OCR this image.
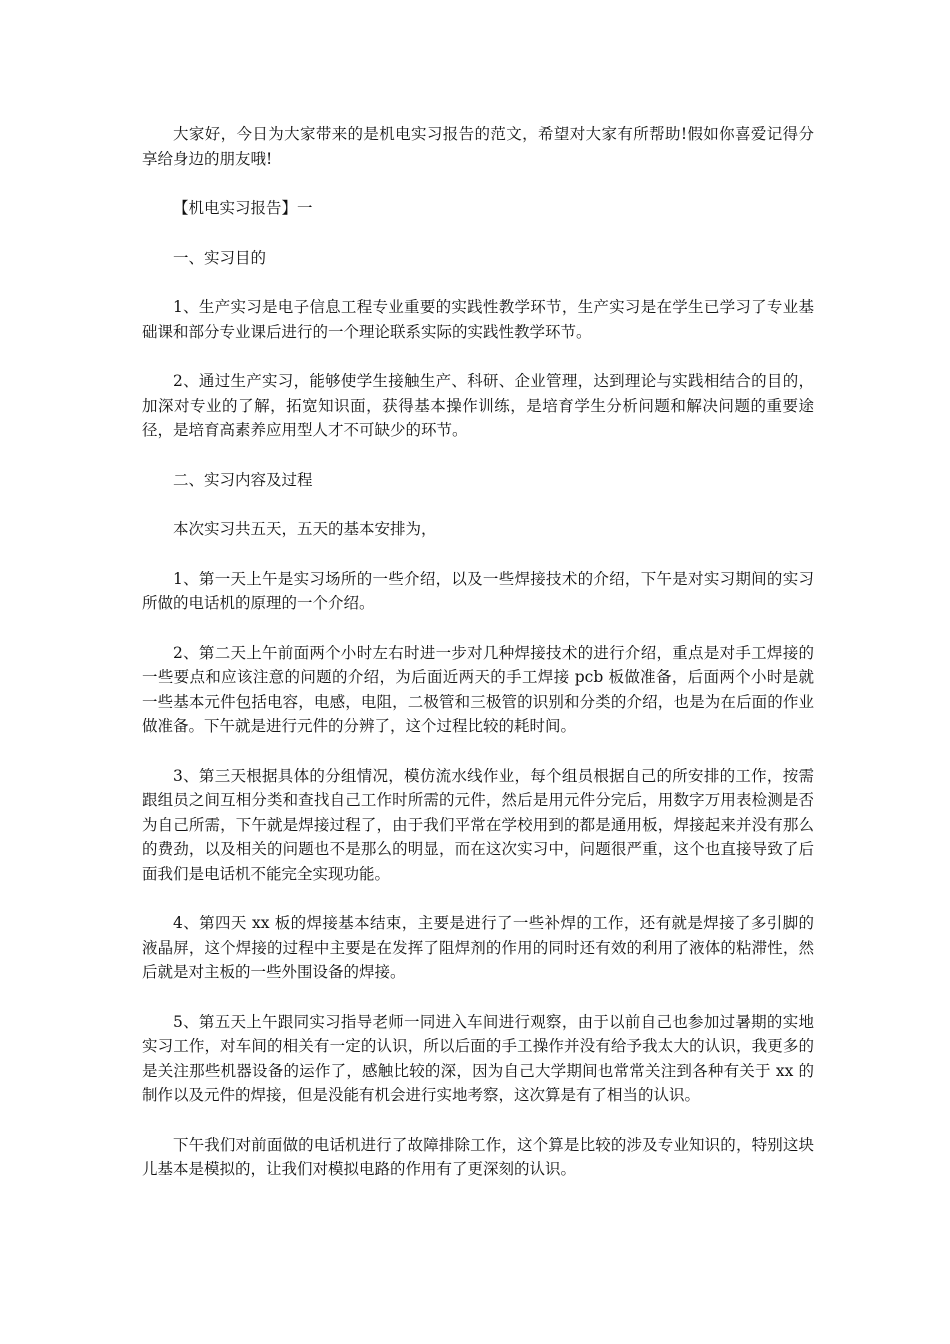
大家好，今日为大家带来的是机电实习报告的范文，希望对大家有所帮助!假如你喜爱记得分享给身边的朋友哦!

【机电实习报告】一

一、实习目的

1、生产实习是电子信息工程专业重要的实践性教学环节，生产实习是在学生已学习了专业基础课和部分专业课后进行的一个理论联系实际的实践性教学环节。

2、通过生产实习，能够使学生接触生产、科研、企业管理，达到理论与实践相结合的目的，加深对专业的了解，拓宽知识面，获得基本操作训练，是培育学生分析问题和解决问题的重要途径，是培育高素养应用型人才不可缺少的环节。

二、实习内容及过程

本次实习共五天，五天的基本安排为，

1、第一天上午是实习场所的一些介绍，以及一些焊接技术的介绍，下午是对实习期间的实习所做的电话机的原理的一个介绍。

2、第二天上午前面两个小时左右时进一步对几种焊接技术的进行介绍，重点是对手工焊接的一些要点和应该注意的问题的介绍，为后面近两天的手工焊接 pcb 板做准备，后面两个小时是就一些基本元件包括电容，电感，电阻，二极管和三极管的识别和分类的介绍，也是为在后面的作业做准备。下午就是进行元件的分辨了，这个过程比较的耗时间。

3、第三天根据具体的分组情况，模仿流水线作业，每个组员根据自己的所安排的工作，按需跟组员之间互相分类和查找自己工作时所需的元件，然后是用元件分完后，用数字万用表检测是否为自己所需，下午就是焊接过程了，由于我们平常在学校用到的都是通用板，焊接起来并没有那么的费劲，以及相关的问题也不是那么的明显，而在这次实习中，问题很严重，这个也直接导致了后面我们是电话机不能完全实现功能。

4、第四天 xx 板的焊接基本结束，主要是进行了一些补焊的工作，还有就是焊接了多引脚的液晶屏，这个焊接的过程中主要是在发挥了阻焊剂的作用的同时还有效的利用了液体的粘滞性，然后就是对主板的一些外围设备的焊接。

5、第五天上午跟同实习指导老师一同进入车间进行观察，由于以前自己也参加过暑期的实地实习工作，对车间的相关有一定的认识，所以后面的手工操作并没有给予我太大的认识，我更多的是关注那些机器设备的运作了，感触比较的深，因为自己大学期间也常常关注到各种有关于 xx 的制作以及元件的焊接，但是没能有机会进行实地考察，这次算是有了相当的认识。

下午我们对前面做的电话机进行了故障排除工作，这个算是比较的涉及专业知识的，特别这块儿基本是模拟的，让我们对模拟电路的作用有了更深刻的认识。
